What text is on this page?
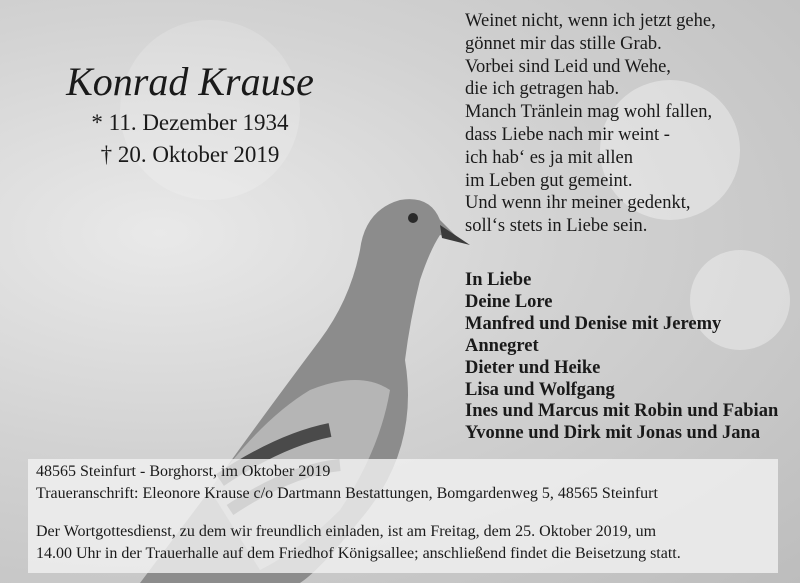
Konrad Krause
* 11. Dezember 1934
† 20. Oktober 2019
Weinet nicht, wenn ich jetzt gehe,
gönnet mir das stille Grab.
Vorbei sind Leid und Wehe,
die ich getragen hab.
Manch Tränlein mag wohl fallen,
dass Liebe nach mir weint -
ich hab‘ es ja mit allen
im Leben gut gemeint.
Und wenn ihr meiner gedenkt,
soll‘s stets in Liebe sein.
In Liebe
Deine Lore
Manfred und Denise mit Jeremy
Annegret
Dieter und Heike
Lisa und Wolfgang
Ines und Marcus mit Robin und Fabian
Yvonne und Dirk mit Jonas und Jana
48565 Steinfurt - Borghorst, im Oktober 2019
Traueranschrift: Eleonore Krause c/o Dartmann Bestattungen, Bomgardenweg 5, 48565 Steinfurt
Der Wortgottesdienst, zu dem wir freundlich einladen, ist am Freitag, dem 25. Oktober 2019, um
14.00 Uhr in der Trauerhalle auf dem Friedhof Königsallee; anschließend findet die Beisetzung statt.
